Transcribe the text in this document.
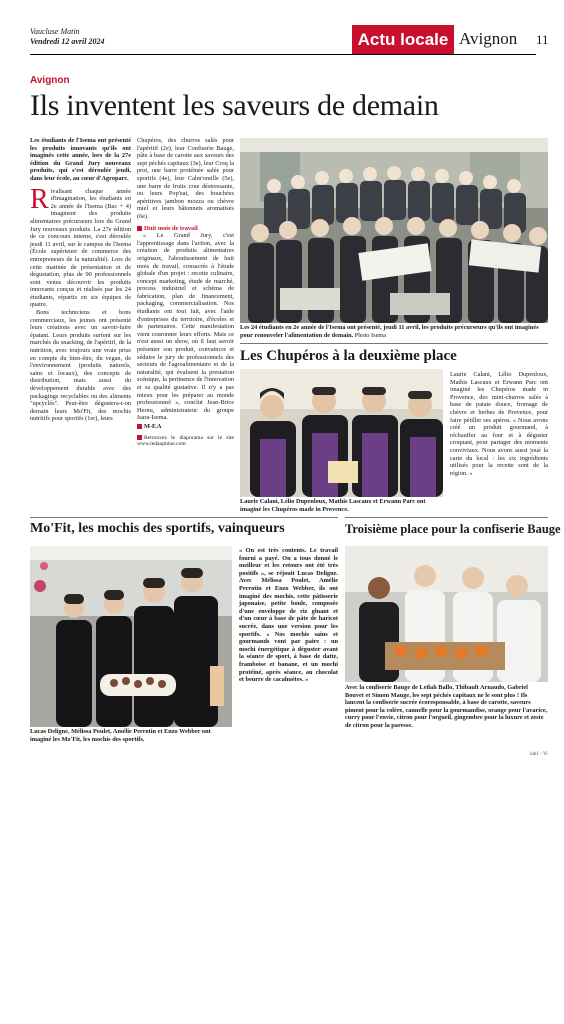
Vaucluse Matin
Vendredi 12 avril 2024	Actu locale Avignon 11
Avignon
Ils inventent les saveurs de demain

Les étudiants de l'Isema ont présenté les produits innovants qu'ils ont imaginés cette année, lors de la 27e édition du Grand Jury nouveaux produits, qui s'est déroulée jeudi, dans leur école, au cœur d'Agroparc.

Rivalisant chaque année d'imagination, les étudiants en 2e année de l'Isema (Bac + 4) imaginent des produits alimentaires précurseurs lors du Grand Jury nouveaux produits. La 27e édition de ce concours interne, s'est déroulée jeudi 11 avril, sur le campus de l'Isema (École supérieure de commerce des entrepreneurs de la naturalité). Lors de cette matinée de présentation et de dégustation, plus de 90 professionnels sont venus découvrir les produits innovants conçus et réalisés par les 24 étudiants, répartis en six équipes de quatre.

Bons techniciens et bons commerciaux, les jeunes ont présenté leurs créations avec un savoir-faire épatant. Leurs produits surfent sur les marchés du snacking, de l'apéritif, de la nutrition, avec toujours une vraie prise en compte du bien-être, du vegan, de l'environnement (produits naturels, sains et locaux), des concepts de distribution, mais aussi du développement durable avec des packagings recyclables ou des aliments "upcyclés". Peut-être dégustera-t-on demain leurs Mo'Fit, des mochis nutritifs pour sportifs (1er), leurs

Chupéros, des churros salés pour l'apéritif (2e), leur Confiserie Bauge, pâte à base de carotte aux saveurs des sept péchés capitaux (3e), leur Croq la prot, une barre protéinée salée pour sportifs (4e), leur Calm'omille (5e), une barre de fruits crue déstressante, ou leurs Pop'eat, des bouchées apéritives jambon mozza ou chèvre miel et leurs bâtonnets aromatisés (6e).

Huit mois de travail

« Le Grand Jury, c'est l'apprentissage dans l'action, avec la création de produits alimentaires originaux, l'aboutissement de huit mois de travail, consacrés à l'étude globale d'un projet : recette culinaire, concept marketing, étude de marché, process industriel et schéma de fabrication, plan de financement, packaging, commercialisation. Nos étudiants ont tout fait, avec l'aide d'entreprises du territoire, d'écoles et de partenaires. Cette manifestation vient couronner leurs efforts. Mais ce n'est aussi un show, où il faut savoir présenter son produit, convaincre et séduire le jury de professionnels des secteurs de l'agroalimentaire et de la naturalité, qui évaluent la prestation scénique, la pertinence de l'innovation et sa qualité gustative. Il n'y a pas mieux pour les préparer au monde professionnel », conclut Jean-Brice Hernu, administrateur du groupe Isara-Isema.

M-F.A

Retrouvez le diaporama sur le site www.ledauphine.com

Les 24 étudiants en 2e année de l'Isema ont présenté, jeudi 11 avril, les produits précurseurs qu'ils ont imaginés pour renouveler l'alimentation de demain. Photo Isema
Les Chupéros à la deuxième place
Laurie Calani, Lélio Dupenloux, Mathis Lascaux et Erwann Parc ont imaginé les Chupéros made in Provence.
Laurie Calani, Lélio Dupenloux, Mathis Lascaux et Erwann Parc ont imaginé les Chupéros made in Provence, des mini-churros salés à base de patate douce, fromage de chèvre et herbes de Provence, pour faire pétiller ses apéros. « Nous avons créé un produit gourmand, à réchauffer au four et à déguster croquant, pour partager des moments conviviaux. Nous avons aussi joué la carte du local : les six ingrédients utilisés pour la recette sont de la région. »
Mo'Fit, les mochis des sportifs, vainqueurs
Lucas Deligne, Mélissa Poulet, Amélie Perrotin et Enzo Webber ont imaginé les Mo'Fit, les mochis des sportifs.
« On est très contents. Le travail fourni a payé. On a tous donné le meilleur et les retours ont été très positifs », se réjouit Lucas Deligne. Avec Mélissa Poulet, Amélie Perrotin et Enzo Webber, ils ont imaginé des mochis, cette pâtisserie japonaise, petite boule, composée d'une enveloppe de riz gluant et d'un cœur à base de pâte de haricot sucrée, dans une version pour les sportifs. « Nos mochis sains et gourmands vont par paire : un mochi énergétique à déguster avant la séance de sport, à base de datte, framboise et banane, et un mochi protéiné, après séance, au chocolat et beurre de cacahuètes. »
Troisième place pour la confiserie Bauge
Avec la confiserie Bauge de Leïlah Ballo, Thibault Arnaudo, Gabriel Bouvet et Simon Mauge, les sept péchés capitaux ne le sont plus ! Ils lancent la confiserie sucrée écoresponsable, à base de carotte, saveurs piment pour la colère, cannelle pour la gourmandise, orange pour l'avarice, curry pour l'envie, citron pour l'orgueil, gingembre pour la luxure et zeste de citron pour la paresse.
iuh1 - Vi
